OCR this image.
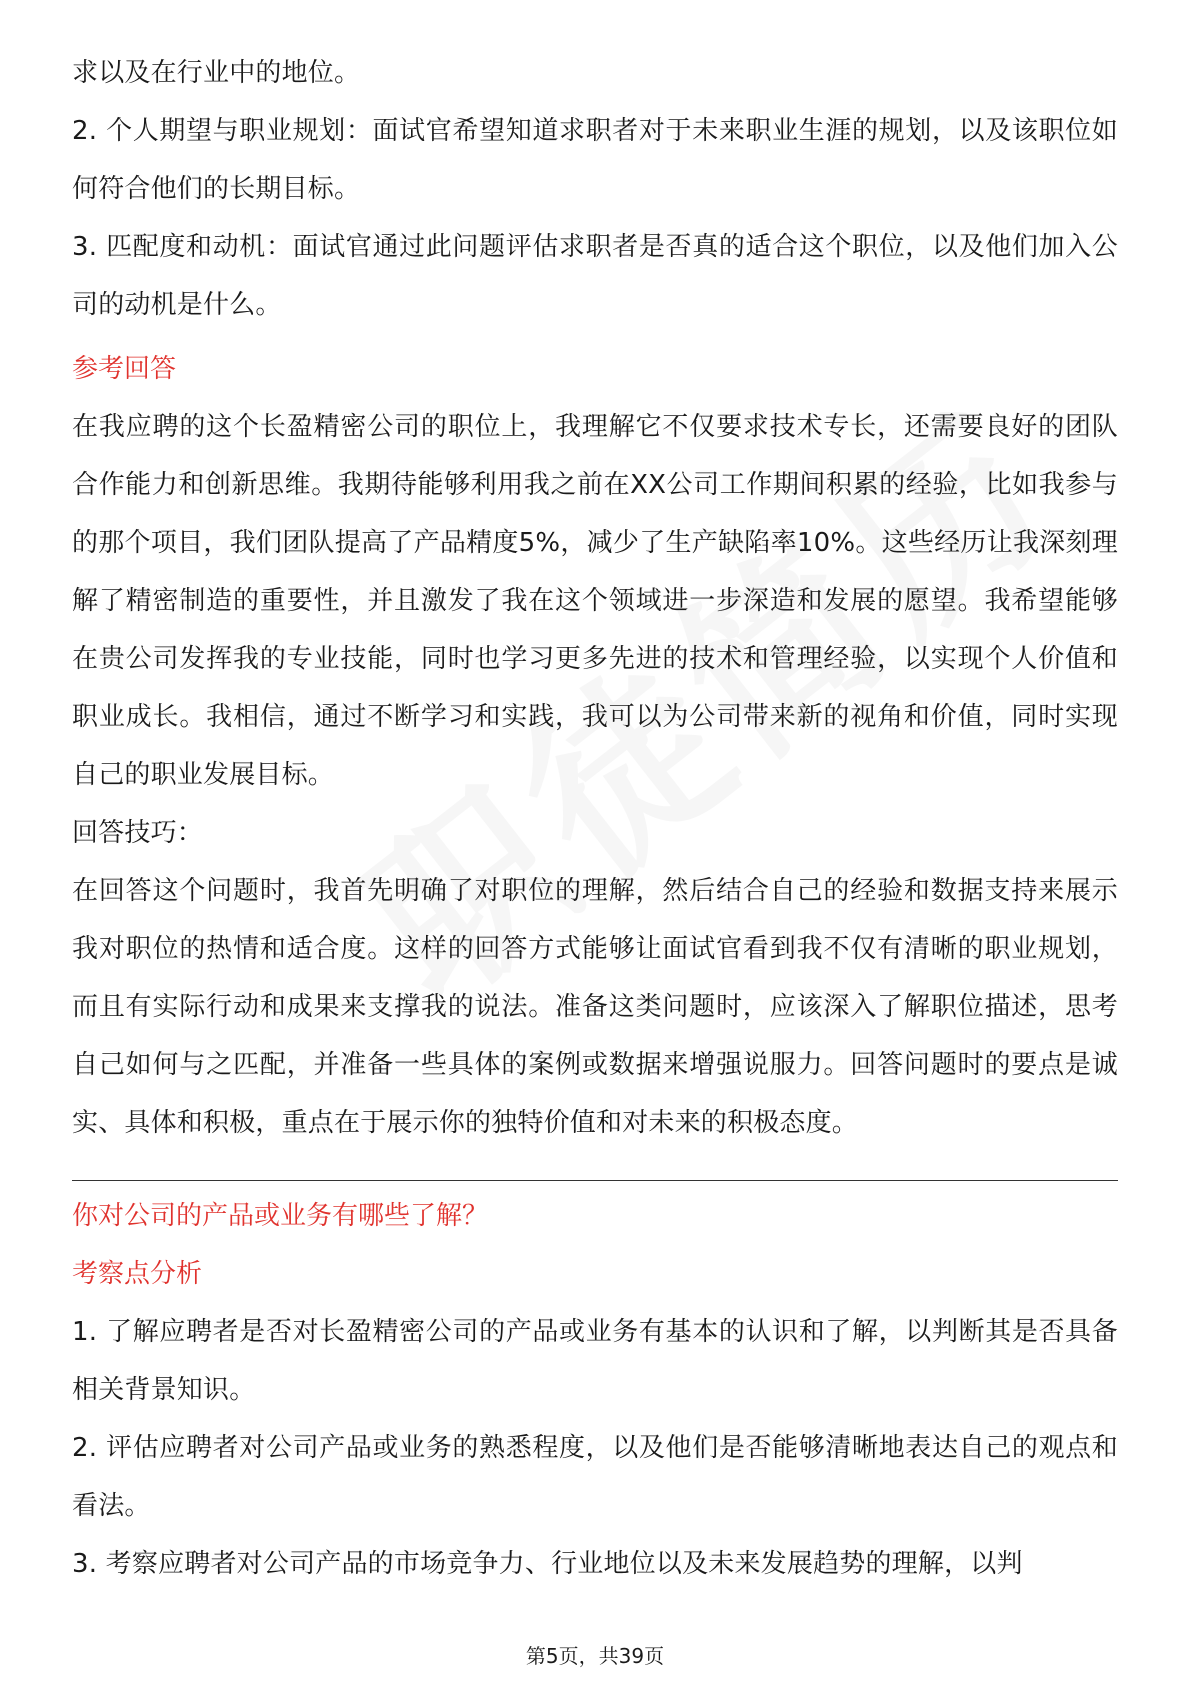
求以及在行业中的地位。

2. 个人期望与职业规划：面试官希望知道求职者对于未来职业生涯的规划，以及该职位如何符合他们的长期目标。

3. 匹配度和动机：面试官通过此问题评估求职者是否真的适合这个职位，以及他们加入公司的动机是什么。

参考回答

在我应聘的这个长盈精密公司的职位上，我理解它不仅要求技术专长，还需要良好的团队合作能力和创新思维。我期待能够利用我之前在XX公司工作期间积累的经验，比如我参与的那个项目，我们团队提高了产品精度5%，减少了生产缺陷率10%。这些经历让我深刻理解了精密制造的重要性，并且激发了我在这个领域进一步深造和发展的愿望。我希望能够在贵公司发挥我的专业技能，同时也学习更多先进的技术和管理经验，以实现个人价值和职业成长。我相信，通过不断学习和实践，我可以为公司带来新的视角和价值，同时实现自己的职业发展目标。

回答技巧：

在回答这个问题时，我首先明确了对职位的理解，然后结合自己的经验和数据支持来展示我对职位的热情和适合度。这样的回答方式能够让面试官看到我不仅有清晰的职业规划，而且有实际行动和成果来支撑我的说法。准备这类问题时，应该深入了解职位描述，思考自己如何与之匹配，并准备一些具体的案例或数据来增强说服力。回答问题时的要点是诚实、具体和积极，重点在于展示你的独特价值和对未来的积极态度。

你对公司的产品或业务有哪些了解？

考察点分析

1. 了解应聘者是否对长盈精密公司的产品或业务有基本的认识和了解，以判断其是否具备相关背景知识。

2. 评估应聘者对公司产品或业务的熟悉程度，以及他们是否能够清晰地表达自己的观点和看法。

3. 考察应聘者对公司产品的市场竞争力、行业地位以及未来发展趋势的理解，以判

第5页，共39页
